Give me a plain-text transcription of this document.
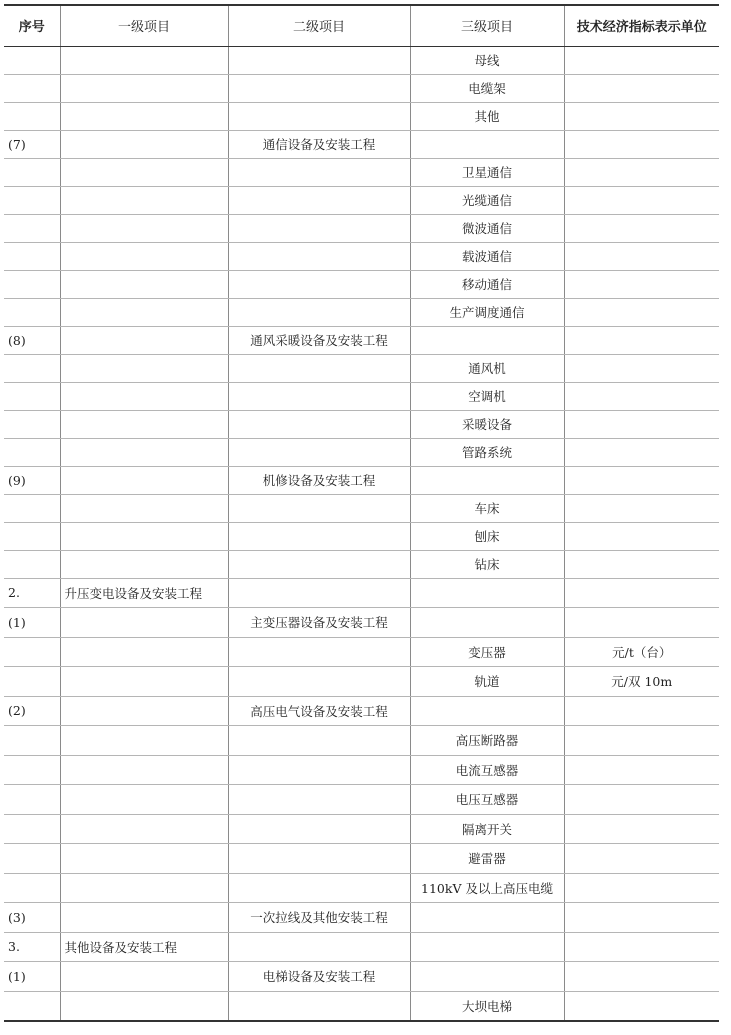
序号	一级项目	二级项目	三级项目	技术经济指标表示单位
			母线	
			电缆架	
			其他	
(7)		通信设备及安装工程		
			卫星通信	
			光缆通信	
			微波通信	
			载波通信	
			移动通信	
			生产调度通信	
(8)		通风采暖设备及安装工程		
			通风机	
			空调机	
			采暖设备	
			管路系统	
(9)		机修设备及安装工程		
			车床	
			刨床	
			钻床	
2.	升压变电设备及安装工程			
(1)		主变压器设备及安装工程		
			变压器	元/t（台）
			轨道	元/双 10m
(2)		高压电气设备及安装工程		
			高压断路器	
			电流互感器	
			电压互感器	
			隔离开关	
			避雷器	
			110kV 及以上高压电缆	
(3)		一次拉线及其他安装工程		
3.	其他设备及安装工程			
(1)		电梯设备及安装工程		
			大坝电梯	
